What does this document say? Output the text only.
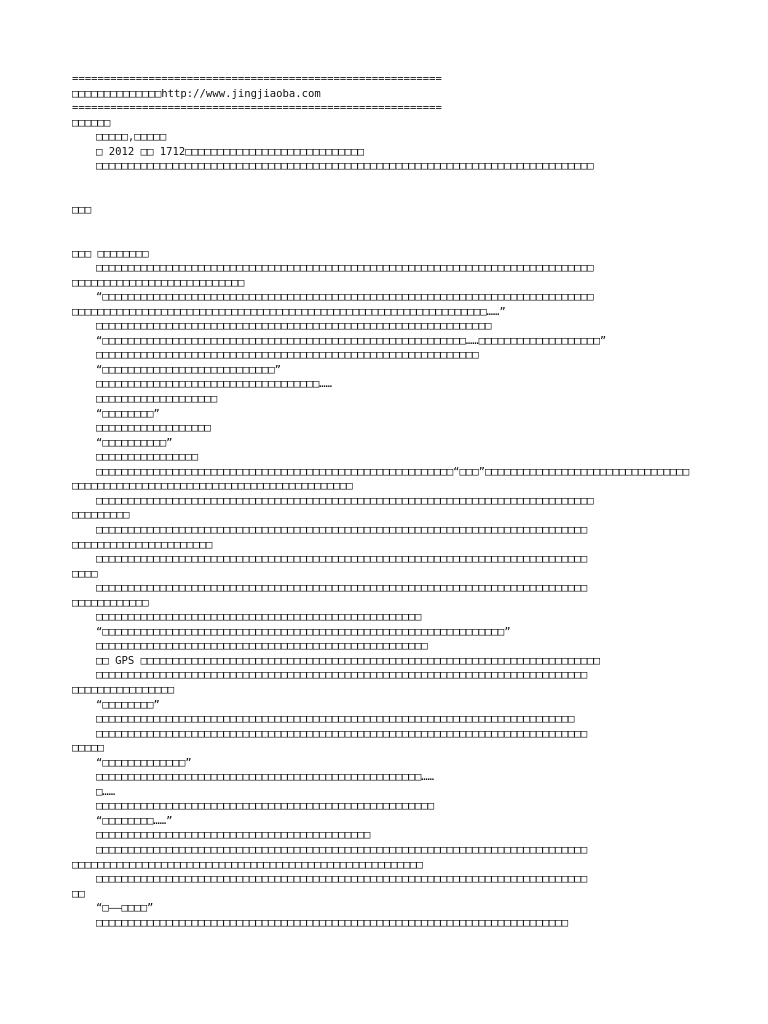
==========================================================
□□□□□□□□□□□□□□http://www.jingjiaoba.com
==========================================================
□□□□□□
□□□□□,□□□□□
□ 2012 □□ 1712□□□□□□□□□□□□□□□□□□□□□□□□□□□□
□□□□□□□□□□□□□□□□□□□□□□□□□□□□□□□□□□□□□□□□□□□□□□□□□□□□□□□□□□□□□□□□□□□□□□□□□□□□□□
□□□
□□□ □□□□□□□□
□□□□□□□□□□□□□□□□□□□□□□□□□□□□□□□□□□□□□□□□□□□□□□□□□□□□□□□□□□□□□□□□□□□□□□□□□□□□□□
□□□□□□□□□□□□□□□□□□□□□□□□□□□
“□□□□□□□□□□□□□□□□□□□□□□□□□□□□□□□□□□□□□□□□□□□□□□□□□□□□□□□□□□□□□□□□□□□□□□□□□□□□□
□□□□□□□□□□□□□□□□□□□□□□□□□□□□□□□□□□□□□□□□□□□□□□□□□□□□□□□□□□□□□□□□□……”
□□□□□□□□□□□□□□□□□□□□□□□□□□□□□□□□□□□□□□□□□□□□□□□□□□□□□□□□□□□□□□
“□□□□□□□□□□□□□□□□□□□□□□□□□□□□□□□□□□□□□□□□□□□□□□□□□□□□□□□□□……□□□□□□□□□□□□□□□□□□□”
□□□□□□□□□□□□□□□□□□□□□□□□□□□□□□□□□□□□□□□□□□□□□□□□□□□□□□□□□□□□
“□□□□□□□□□□□□□□□□□□□□□□□□□□□”
□□□□□□□□□□□□□□□□□□□□□□□□□□□□□□□□□□□……
□□□□□□□□□□□□□□□□□□□
“□□□□□□□□”
□□□□□□□□□□□□□□□□□□
“□□□□□□□□□□”
□□□□□□□□□□□□□□□□
□□□□□□□□□□□□□□□□□□□□□□□□□□□□□□□□□□□□□□□□□□□□□□□□□□□□□□□□“□□□”□□□□□□□□□□□□□□□□□□□□□□□□□□□□□□□□
□□□□□□□□□□□□□□□□□□□□□□□□□□□□□□□□□□□□□□□□□□□□
□□□□□□□□□□□□□□□□□□□□□□□□□□□□□□□□□□□□□□□□□□□□□□□□□□□□□□□□□□□□□□□□□□□□□□□□□□□□□□
□□□□□□□□□
□□□□□□□□□□□□□□□□□□□□□□□□□□□□□□□□□□□□□□□□□□□□□□□□□□□□□□□□□□□□□□□□□□□□□□□□□□□□□
□□□□□□□□□□□□□□□□□□□□□□
□□□□□□□□□□□□□□□□□□□□□□□□□□□□□□□□□□□□□□□□□□□□□□□□□□□□□□□□□□□□□□□□□□□□□□□□□□□□□
□□□□
□□□□□□□□□□□□□□□□□□□□□□□□□□□□□□□□□□□□□□□□□□□□□□□□□□□□□□□□□□□□□□□□□□□□□□□□□□□□□
□□□□□□□□□□□□
□□□□□□□□□□□□□□□□□□□□□□□□□□□□□□□□□□□□□□□□□□□□□□□□□□□
“□□□□□□□□□□□□□□□□□□□□□□□□□□□□□□□□□□□□□□□□□□□□□□□□□□□□□□□□□□□□□□□”
□□□□□□□□□□□□□□□□□□□□□□□□□□□□□□□□□□□□□□□□□□□□□□□□□□□□
□□ GPS □□□□□□□□□□□□□□□□□□□□□□□□□□□□□□□□□□□□□□□□□□□□□□□□□□□□□□□□□□□□□□□□□□□□□□□□
□□□□□□□□□□□□□□□□□□□□□□□□□□□□□□□□□□□□□□□□□□□□□□□□□□□□□□□□□□□□□□□□□□□□□□□□□□□□□
□□□□□□□□□□□□□□□□
“□□□□□□□□”
□□□□□□□□□□□□□□□□□□□□□□□□□□□□□□□□□□□□□□□□□□□□□□□□□□□□□□□□□□□□□□□□□□□□□□□□□□□
□□□□□□□□□□□□□□□□□□□□□□□□□□□□□□□□□□□□□□□□□□□□□□□□□□□□□□□□□□□□□□□□□□□□□□□□□□□□□
□□□□□
“□□□□□□□□□□□□□”
□□□□□□□□□□□□□□□□□□□□□□□□□□□□□□□□□□□□□□□□□□□□□□□□□□□……
□……
□□□□□□□□□□□□□□□□□□□□□□□□□□□□□□□□□□□□□□□□□□□□□□□□□□□□□
“□□□□□□□□……”
□□□□□□□□□□□□□□□□□□□□□□□□□□□□□□□□□□□□□□□□□□□
□□□□□□□□□□□□□□□□□□□□□□□□□□□□□□□□□□□□□□□□□□□□□□□□□□□□□□□□□□□□□□□□□□□□□□□□□□□□□
□□□□□□□□□□□□□□□□□□□□□□□□□□□□□□□□□□□□□□□□□□□□□□□□□□□□□□□
□□□□□□□□□□□□□□□□□□□□□□□□□□□□□□□□□□□□□□□□□□□□□□□□□□□□□□□□□□□□□□□□□□□□□□□□□□□□□
□□
“□——□□□□”
□□□□□□□□□□□□□□□□□□□□□□□□□□□□□□□□□□□□□□□□□□□□□□□□□□□□□□□□□□□□□□□□□□□□□□□□□□
